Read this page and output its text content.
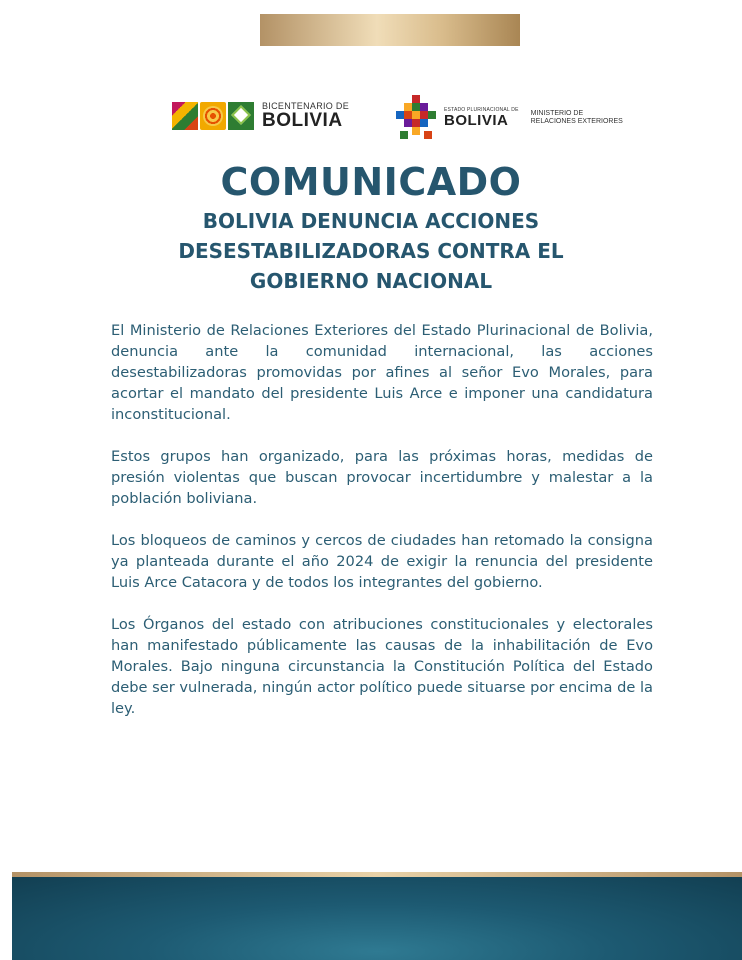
BICENTENARIO DE
BOLIVIA	ESTADO PLURINACIONAL DE
BOLIVIA	MINISTERIO DE
RELACIONES EXTERIORES
COMUNICADO
BOLIVIA DENUNCIA ACCIONES DESESTABILIZADORAS CONTRA EL GOBIERNO NACIONAL

El Ministerio de Relaciones Exteriores del Estado Plurinacional de Bolivia, denuncia ante la comunidad internacional, las acciones desestabilizadoras promovidas por afines al señor Evo Morales, para acortar el mandato del presidente Luis Arce e imponer una candidatura inconstitucional.

Estos grupos han organizado, para las próximas horas, medidas de presión violentas que buscan provocar incertidumbre y malestar a la población boliviana.

Los bloqueos de caminos y cercos de ciudades han retomado la consigna ya planteada durante el año 2024 de exigir la renuncia del presidente Luis Arce Catacora y de todos los integrantes del gobierno.

Los Órganos del estado con atribuciones constitucionales y electorales han manifestado públicamente las causas de la inhabilitación de Evo Morales. Bajo ninguna circunstancia la Constitución Política del Estado debe ser vulnerada, ningún actor político puede situarse por encima de la ley.
